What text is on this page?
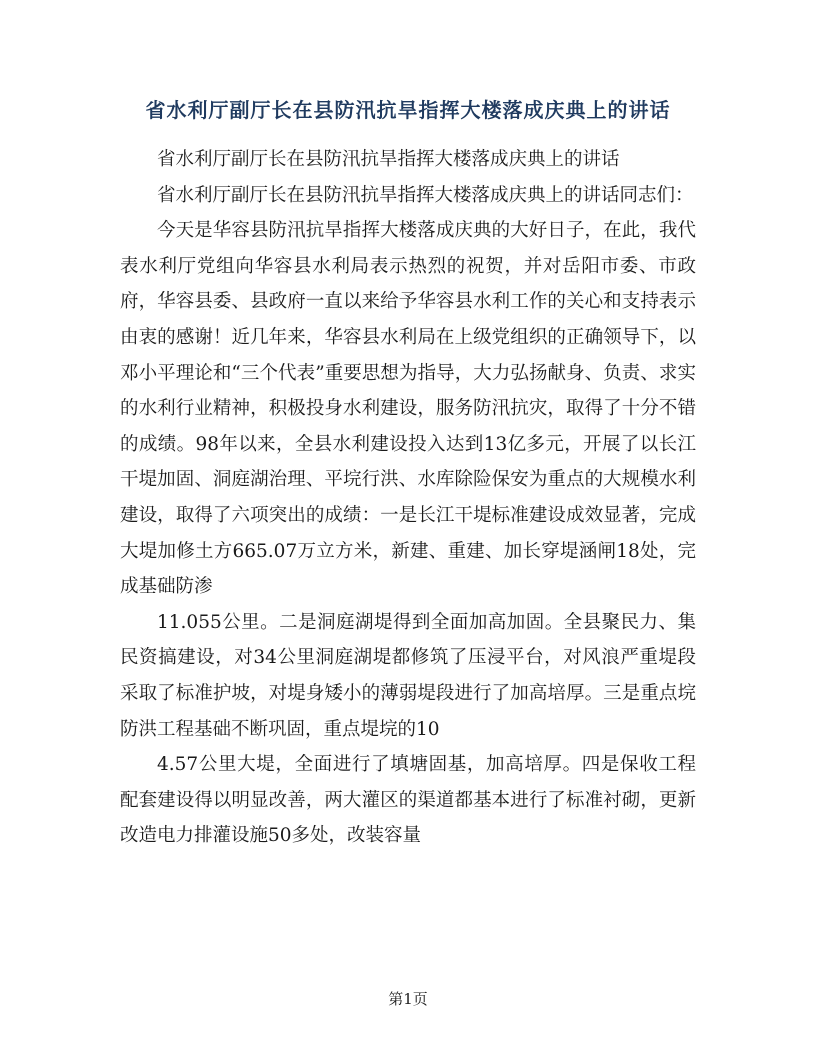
省水利厅副厅长在县防汛抗旱指挥大楼落成庆典上的讲话

省水利厅副厅长在县防汛抗旱指挥大楼落成庆典上的讲话

省水利厅副厅长在县防汛抗旱指挥大楼落成庆典上的讲话同志们：

今天是华容县防汛抗旱指挥大楼落成庆典的大好日子，在此，我代表水利厅党组向华容县水利局表示热烈的祝贺，并对岳阳市委、市政府，华容县委、县政府一直以来给予华容县水利工作的关心和支持表示由衷的感谢！近几年来，华容县水利局在上级党组织的正确领导下，以邓小平理论和“三个代表”重要思想为指导，大力弘扬献身、负责、求实的水利行业精神，积极投身水利建设，服务防汛抗灾，取得了十分不错的成绩。98年以来，全县水利建设投入达到13亿多元，开展了以长江干堤加固、洞庭湖治理、平垸行洪、水库除险保安为重点的大规模水利建设，取得了六项突出的成绩：一是长江干堤标准建设成效显著，完成大堤加修土方665.07万立方米，新建、重建、加长穿堤涵闸18处，完成基础防渗

11.055公里。二是洞庭湖堤得到全面加高加固。全县聚民力、集民资搞建设，对34公里洞庭湖堤都修筑了压浸平台，对风浪严重堤段采取了标准护坡，对堤身矮小的薄弱堤段进行了加高培厚。三是重点垸防洪工程基础不断巩固，重点堤垸的10

4.57公里大堤，全面进行了填塘固基，加高培厚。四是保收工程配套建设得以明显改善，两大灌区的渠道都基本进行了标准衬砌，更新改造电力排灌设施50多处，改装容量

第1页
